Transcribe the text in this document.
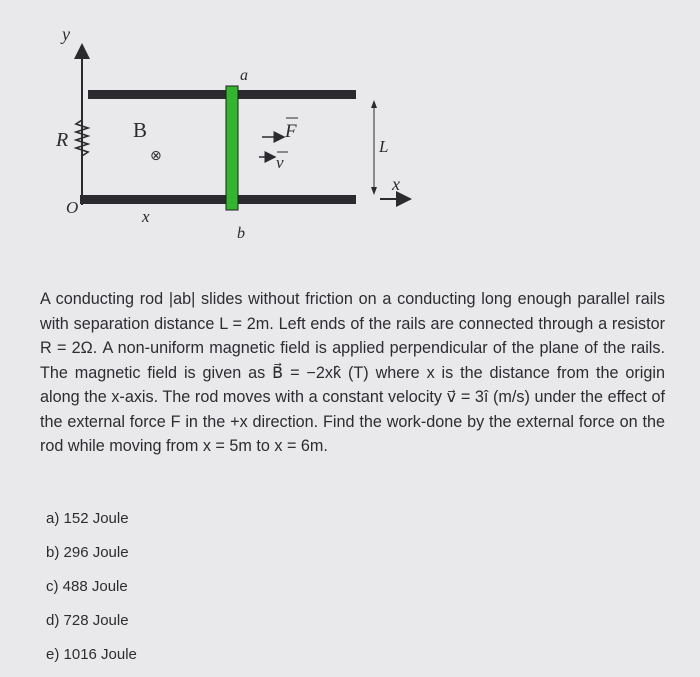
y
R
O
B
⊗
x
a
b
F
v
L
x

A conducting rod |ab| slides without friction on a conducting long enough parallel rails with separation distance L = 2m. Left ends of the rails are connected through a resistor R = 2Ω. A non-uniform magnetic field is applied perpendicular of the plane of the rails. The magnetic field is given as B⃗ = −2xk̂ (T) where x is the distance from the origin along the x-axis. The rod moves with a constant velocity v⃗ = 3î (m/s) under the effect of the external force F in the +x direction. Find the work-done by the external force on the rod while moving from x = 5m to x = 6m.

a) 152 Joule
b) 296 Joule
c) 488 Joule
d) 728 Joule
e) 1016 Joule
